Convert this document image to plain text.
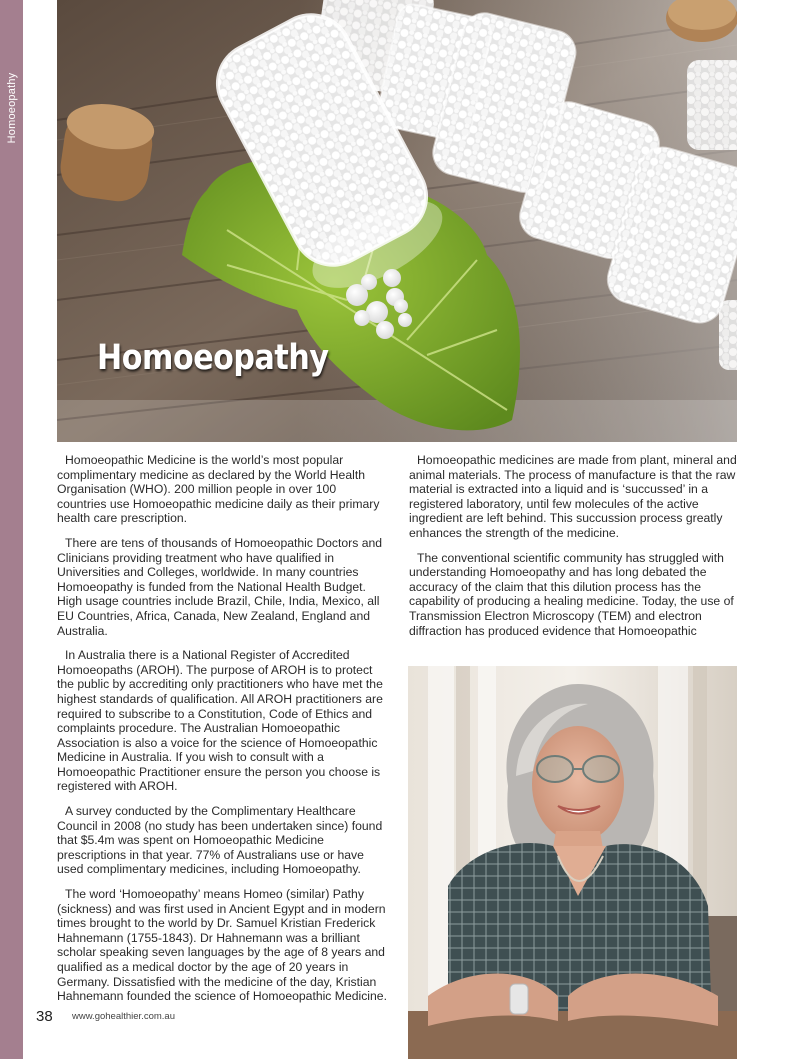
Homoeopathy
Homoeopathy

Homoeopathic Medicine is the world’s most popular complimentary medicine as declared by the World Health Organisation (WHO). 200 million people in over 100 countries use Homoeopathic medicine daily as their primary health care prescription.

There are tens of thousands of Homoeopathic Doctors and Clinicians providing treatment who have qualified in Universities and Colleges, worldwide. In many countries Homoeopathy is funded from the National Health Budget. High usage countries include Brazil, Chile, India, Mexico, all EU Countries, Africa, Canada, New Zealand, England and Australia.

In Australia there is a National Register of Accredited Homoeopaths (AROH). The purpose of AROH is to protect the public by accrediting only practitioners who have met the highest standards of qualification. All AROH practitioners are required to subscribe to a Constitution, Code of Ethics and complaints procedure. The Australian Homoeopathic Association is also a voice for the science of Homoeopathic Medicine in Australia. If you wish to consult with a Homoeopathic Practitioner ensure the person you choose is registered with AROH.

A survey conducted by the Complimentary Healthcare Council in 2008 (no study has been undertaken since) found that $5.4m was spent on Homoeopathic Medicine prescriptions in that year. 77% of Australians use or have used complimentary medicines, including Homoeopathy.

The word ‘Homoeopathy’ means Homeo (similar) Pathy (sickness) and was first used in Ancient Egypt and in modern times brought to the world by Dr. Samuel Kristian Frederick Hahnemann (1755-1843). Dr Hahnemann was a brilliant scholar speaking seven languages by the age of 8 years and qualified as a medical doctor by the age of 20 years in Germany. Dissatisfied with the medicine of the day, Kristian Hahnemann founded the science of Homoeopathic Medicine.

Homoeopathic medicines are made from plant, mineral and animal materials. The process of manufacture is that the raw material is extracted into a liquid and is ‘succussed’ in a registered laboratory, until few molecules of the active ingredient are left behind. This succussion process greatly enhances the strength of the medicine.

The conventional scientific community has struggled with understanding Homoeopathy and has long debated the accuracy of the claim that this dilution process has the capability of producing a healing medicine. Today, the use of Transmission Electron Microscopy (TEM) and electron diffraction has produced evidence that Homoeopathic

38 www.gohealthier.com.au
